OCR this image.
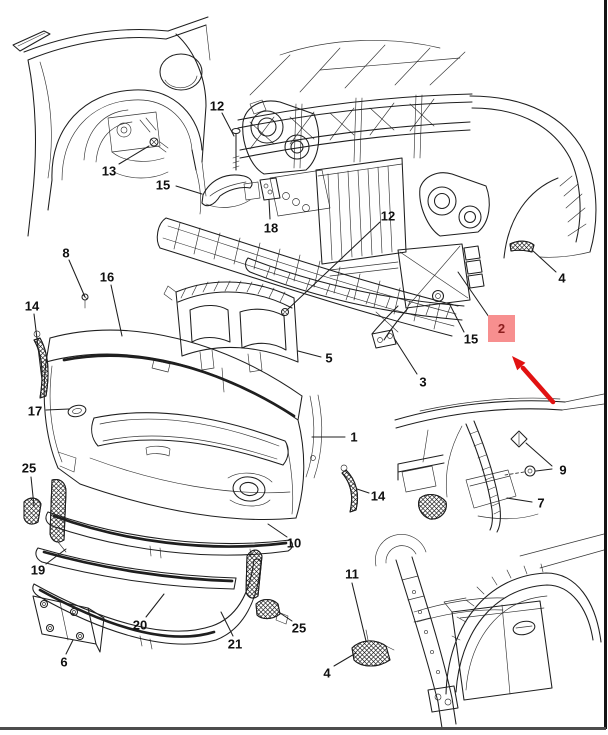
13
12
15
18
12
8
16
14
5
3
15
4
17
1
25
14
10
19
9
7
20
21
25
6
11
4
2
